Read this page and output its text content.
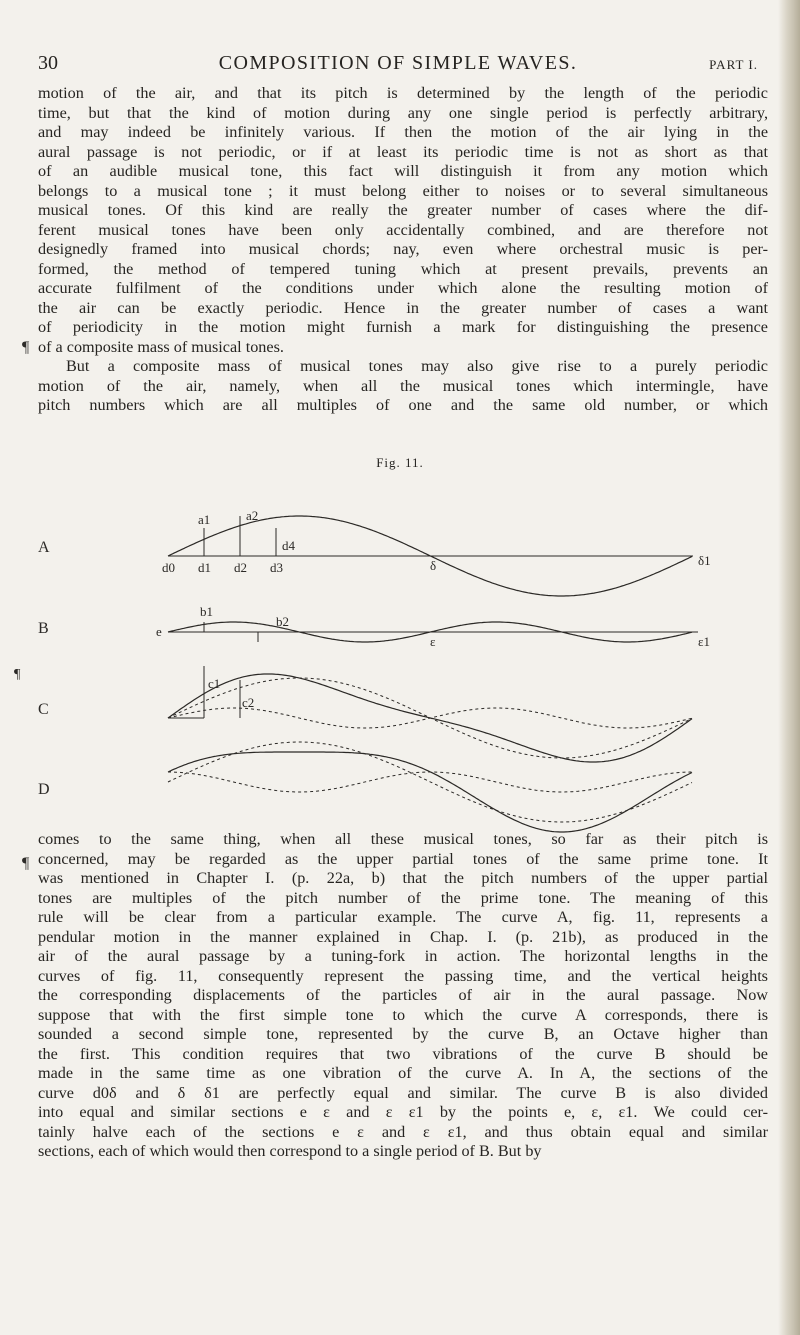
30	COMPOSITION OF SIMPLE WAVES.	PART I.
motion of the air, and that its pitch is determined by the length of the periodic
time, but that the kind of motion during any one single period is perfectly arbitrary,
and may indeed be infinitely various. If then the motion of the air lying in the
aural passage is not periodic, or if at least its periodic time is not as short as that
of an audible musical tone, this fact will distinguish it from any motion which
belongs to a musical tone ; it must belong either to noises or to several simultaneous
musical tones. Of this kind are really the greater number of cases where the dif-
ferent musical tones have been only accidentally combined, and are therefore not
designedly framed into musical chords; nay, even where orchestral music is per-
formed, the method of tempered tuning which at present prevails, prevents an
accurate fulfilment of the conditions under which alone the resulting motion of
the air can be exactly periodic. Hence in the greater number of cases a want
of periodicity in the motion might furnish a mark for distinguishing the presence
of a composite mass of musical tones.
But a composite mass of musical tones may also give rise to a purely periodic
motion of the air, namely, when all the musical tones which intermingle, have
pitch numbers which are all multiples of one and the same old number, or which
¶
Fig. 11.
A
B
C
D
¶
a1	a2
d4
d0 d1 d2 d3	δ	δ1
b1
b2
e
ε	ε1
c1
c2
¶
comes to the same thing, when all these musical tones, so far as their pitch is
concerned, may be regarded as the upper partial tones of the same prime tone. It
was mentioned in Chapter I. (p. 22a, b) that the pitch numbers of the upper partial
tones are multiples of the pitch number of the prime tone. The meaning of this
rule will be clear from a particular example. The curve A, fig. 11, represents a
pendular motion in the manner explained in Chap. I. (p. 21b), as produced in the
air of the aural passage by a tuning-fork in action. The horizontal lengths in the
curves of fig. 11, consequently represent the passing time, and the vertical heights
the corresponding displacements of the particles of air in the aural passage. Now
suppose that with the first simple tone to which the curve A corresponds, there is
sounded a second simple tone, represented by the curve B, an Octave higher than
the first. This condition requires that two vibrations of the curve B should be
made in the same time as one vibration of the curve A. In A, the sections of the
curve d0δ and δ δ1 are perfectly equal and similar. The curve B is also divided
into equal and similar sections e ε and ε ε1 by the points e, ε, ε1. We could cer-
tainly halve each of the sections e ε and ε ε1, and thus obtain equal and similar
sections, each of which would then correspond to a single period of B. But by
